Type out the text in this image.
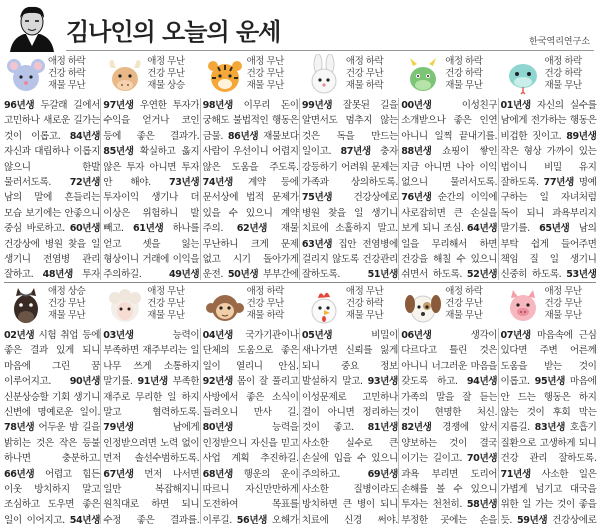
김나인의 오늘의 운세	한국역리연구소
애정 하락
건강 하락
재물 무난
96년생 두갈래 길에서 고민하나 새로운 길가는 것이 이롭고. 84년생 자신과 대립하나 이롭지 않으니 한발 물러서도록. 72년생 남의 말에 흔들리는 모습 보기에는 안좋으니 중심 바로하고. 60년생 건강상에 병원 찾을 일 생기니 전염병 관리 잘하고. 48년생 투자
애정 무난
건강 무난
재물 상승
97년생 우연한 투자가 수익을 얻거나 코인 등에 좋은 결과가. 85년생 확실하고 옳지 않은 투자 아니면 투자 안 해야. 73년생 투자이익 생기나 더 이상은 위험하니 발 빼고. 61년생 하나를 얻고 셋을 잃는 형상이니 거래에 이익을 주의하길. 49년생
애정 무난
건강 무난
재물 무난
98년생 이무리 돈이 궁해도 불법적인 행동은 금물. 86년생 재물보다 사람이 우선이니 어렵지 않은 도움을 주도록. 74년생 계약 등에 문서상에 법적 문제가 있을 수 있으니 계약 주의. 62년생 재물 무난하니 크게 문제 없고 시기 돌아가게 운전. 50년생 부부간에
애정 하락
건강 무난
재물 하락
99년생 잘못된 길을 알면서도 멈추지 않는 것은 독을 만드는 일이고. 87년생 충자 강등하기 어려워 문제는 가족과 상의하도록. 75년생 건강상에로 병원 찾을 일 생기니 치료에 소홀하지 말고. 63년생 집안 전염병에 걸리지 않도록 건강관리 잘하도록. 51년생
애정 하락
건강 하락
재물 무난
00년생 이성친구 소개받으나 좋은 인연 아니니 일찍 끝내기를. 88년생 쇼핑이 쌓인 지금 아니면 나아 이익 없으니 물러서도록. 76년생 순간의 이익에 사로잡히면 큰 손실을 보게 되니 조심. 64년생 일을 무리해서 하면 건강을 해칠 수 있으니 쉬면서 하도록. 52년생
애정 하락
건강 하락
재물 무난
01년생 자신의 실수를 남에게 전가하는 행동은 비겁한 짓이고. 89년생 작은 형상 가까이 있는 법이니 비밀 유지 잘하도록. 77년생 명예 구하는 일 자녀처럼 독이 되니 과욕부리지 말기를. 65년생 남의 부탁 쉽게 들어주면 책임 질 일 생기니 신중히 하도록. 53년생
애정 상승
건강 무난
재물 무난
02년생 시험 취업 등에 좋은 결과 있게 되니 마음에 그린 꿈 이루어지고. 90년생 신분상승할 기회 생기니 신변에 명예로운 일이. 78년생 어두운 밤 길을 밝히는 것은 작은 등불 하나면 충분하고. 66년생 어렵고 힘든 이웃 방치하지 말고 조심하고 도우면 좋은 일이 이어지고. 54년생
애정 무난
건강 무난
재물 무난
03년생 능력이 부족하면 재주부리는 일 나무 쓰게 소통하지 말기를. 91년생 부족한 재주로 무리한 일 하지 말고 협력하도록. 79년생 남에게 인정받으려면 노력 없이 먼저 솔선수범하도록. 67년생 먼저 나서면 일만 복잡해지니 원칙대로 하면 되니 수정 좋은 결과를.
애정 하락
건강 무난
재물 하락
04년생 국가기관이나 단체의 도움으로 좋은 일이 열리니 안심. 92년생 몸이 잘 풀리고 사방에서 좋은 소식이 들려오니 만사 길. 80년생 능력을 인정받으니 자신을 믿고 사업 계획 추진하길. 68년생 행운의 운이 따르니 자신만만하게 도전하여 목표를 이루길. 56년생 오해가
애정 무난
건강 하락
재물 무난
05년생 비밀이 새나가면 신뢰를 잃게 되니 중요 정보 발설하지 말고. 93년생 이성문제로 고민하나 결이 아니면 정리하는 것이 좋고. 81년생 사소한 실수로 큰 손실에 입을 수 있으니 주의하고. 69년생 사소한 질병이라도 방치하면 큰 병이 되니 치료에 신경 써야.
애정 하락
건강 무난
재물 무난
06년생 생각이 다르다고 틀린 것은 아니니 너그러운 마음을 갖도록 하고. 94년생 가족의 말을 잘 듣는 것이 현명한 처신. 82년생 경쟁에 앞서 양보하는 것이 결국 이기는 길이고. 70년생 과욕 부리면 도리어 손해를 볼 수 있으니 투자는 천천히. 58년생 부정한 곳에는 손을
애정 무난
건강 무난
재물 무난
07년생 마음속에 근심 있다면 주변 어른께 도움을 받는 것이 이롭고. 95년생 마음에 안 드는 행동은 하지 않는 것이 후회 막는 지름길. 83년생 호흡기 질환으로 고생하게 되니 건강 관리 잘하도록. 71년생 사소한 일은 가볍게 넘기고 대국을 위한 일 가는 것이 좋을 듯. 59년생 건강상에로
